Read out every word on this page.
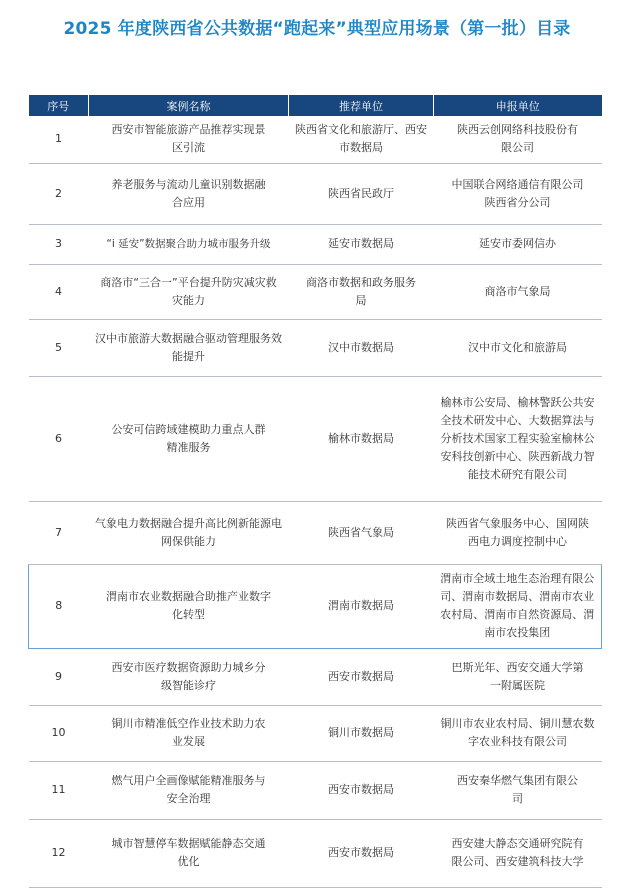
2025 年度陕西省公共数据“跑起来”典型应用场景（第一批）目录
序号	案例名称	推荐单位	申报单位
1	西安市智能旅游产品推荐实现景区引流	陕西省文化和旅游厅、西安市数据局	陕西云创网络科技股份有限公司
2	养老服务与流动儿童识别数据融合应用	陕西省民政厅	中国联合网络通信有限公司陕西省分公司
3	“i 延安”数据聚合助力城市服务升级	延安市数据局	延安市委网信办
4	商洛市“三合一”平台提升防灾减灾救灾能力	商洛市数据和政务服务局	商洛市气象局
5	汉中市旅游大数据融合驱动管理服务效能提升	汉中市数据局	汉中市文化和旅游局
6	公安可信跨域建模助力重点人群精准服务	榆林市数据局	榆林市公安局、榆林警跃公共安全技术研发中心、大数据算法与分析技术国家工程实验室榆林公安科技创新中心、陕西新战力智能技术研究有限公司
7	气象电力数据融合提升高比例新能源电网保供能力	陕西省气象局	陕西省气象服务中心、国网陕西电力调度控制中心
8	渭南市农业数据融合助推产业数字化转型	渭南市数据局	渭南市全域土地生态治理有限公司、渭南市数据局、渭南市农业农村局、渭南市自然资源局、渭南市农投集团
9	西安市医疗数据资源助力城乡分级智能诊疗	西安市数据局	巴斯光年、西安交通大学第一附属医院
10	铜川市精准低空作业技术助力农业发展	铜川市数据局	铜川市农业农村局、铜川慧农数字农业科技有限公司
11	燃气用户全画像赋能精准服务与安全治理	西安市数据局	西安秦华燃气集团有限公司
12	城市智慧停车数据赋能静态交通优化	西安市数据局	西安建大静态交通研究院有限公司、西安建筑科技大学
